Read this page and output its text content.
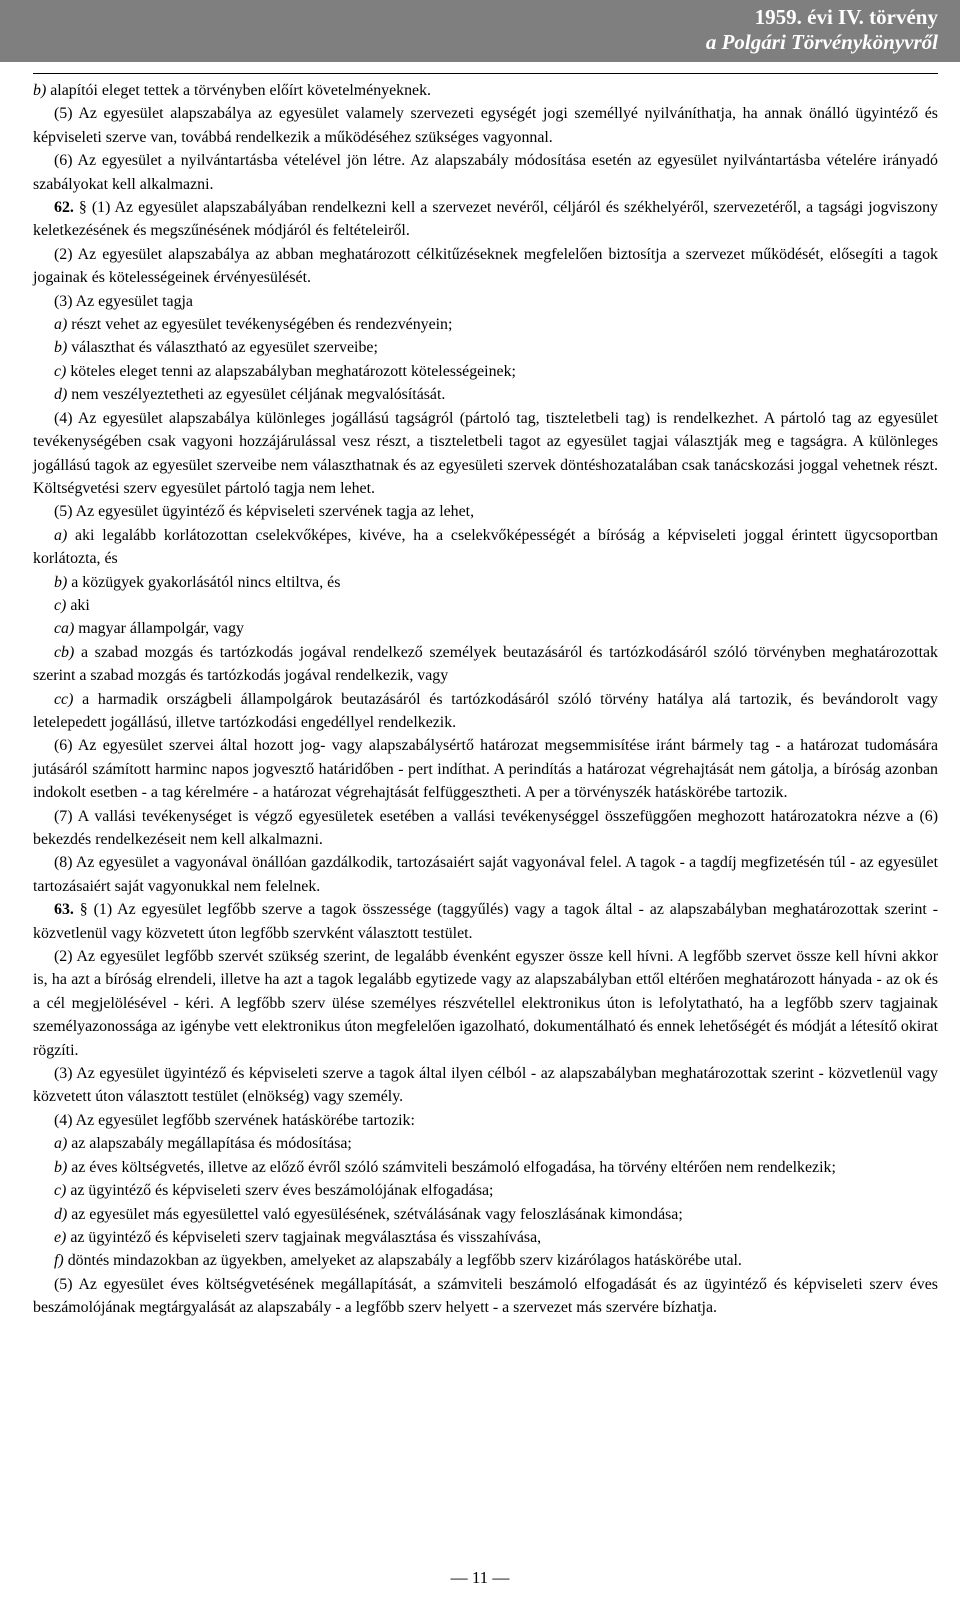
1959. évi IV. törvény
a Polgári Törvénykönyvről

b) alapítói eleget tettek a törvényben előírt követelményeknek.

(5) Az egyesület alapszabálya az egyesület valamely szervezeti egységét jogi személlyé nyilváníthatja, ha annak önálló ügyintéző és képviseleti szerve van, továbbá rendelkezik a működéséhez szükséges vagyonnal.

(6) Az egyesület a nyilvántartásba vételével jön létre. Az alapszabály módosítása esetén az egyesület nyilvántartásba vételére irányadó szabályokat kell alkalmazni.

62. § (1) Az egyesület alapszabályában rendelkezni kell a szervezet nevéről, céljáról és székhelyéről, szervezetéről, a tagsági jogviszony keletkezésének és megszűnésének módjáról és feltételeiről.

(2) Az egyesület alapszabálya az abban meghatározott célkitűzéseknek megfelelően biztosítja a szervezet működését, elősegíti a tagok jogainak és kötelességeinek érvényesülését.

(3) Az egyesület tagja

a) részt vehet az egyesület tevékenységében és rendezvényein;

b) választhat és választható az egyesület szerveibe;

c) köteles eleget tenni az alapszabályban meghatározott kötelességeinek;

d) nem veszélyeztetheti az egyesület céljának megvalósítását.

(4) Az egyesület alapszabálya különleges jogállású tagságról (pártoló tag, tiszteletbeli tag) is rendelkezhet. A pártoló tag az egyesület tevékenységében csak vagyoni hozzájárulással vesz részt, a tiszteletbeli tagot az egyesület tagjai választják meg e tagságra. A különleges jogállású tagok az egyesület szerveibe nem választhatnak és az egyesületi szervek döntéshozatalában csak tanácskozási joggal vehetnek részt. Költségvetési szerv egyesület pártoló tagja nem lehet.

(5) Az egyesület ügyintéző és képviseleti szervének tagja az lehet,

a) aki legalább korlátozottan cselekvőképes, kivéve, ha a cselekvőképességét a bíróság a képviseleti joggal érintett ügycsoportban korlátozta, és

b) a közügyek gyakorlásától nincs eltiltva, és

c) aki

ca) magyar állampolgár, vagy

cb) a szabad mozgás és tartózkodás jogával rendelkező személyek beutazásáról és tartózkodásáról szóló törvényben meghatározottak szerint a szabad mozgás és tartózkodás jogával rendelkezik, vagy

cc) a harmadik országbeli állampolgárok beutazásáról és tartózkodásáról szóló törvény hatálya alá tartozik, és bevándorolt vagy letelepedett jogállású, illetve tartózkodási engedéllyel rendelkezik.

(6) Az egyesület szervei által hozott jog- vagy alapszabálysértő határozat megsemmisítése iránt bármely tag - a határozat tudomására jutásáról számított harminc napos jogvesztő határidőben - pert indíthat. A perindítás a határozat végrehajtását nem gátolja, a bíróság azonban indokolt esetben - a tag kérelmére - a határozat végrehajtását felfüggesztheti. A per a törvényszék hatáskörébe tartozik.

(7) A vallási tevékenységet is végző egyesületek esetében a vallási tevékenységgel összefüggően meghozott határozatokra nézve a (6) bekezdés rendelkezéseit nem kell alkalmazni.

(8) Az egyesület a vagyonával önállóan gazdálkodik, tartozásaiért saját vagyonával felel. A tagok - a tagdíj megfizetésén túl - az egyesület tartozásaiért saját vagyonukkal nem felelnek.

63. § (1) Az egyesület legfőbb szerve a tagok összessége (taggyűlés) vagy a tagok által - az alapszabályban meghatározottak szerint - közvetlenül vagy közvetett úton legfőbb szervként választott testület.

(2) Az egyesület legfőbb szervét szükség szerint, de legalább évenként egyszer össze kell hívni. A legfőbb szervet össze kell hívni akkor is, ha azt a bíróság elrendeli, illetve ha azt a tagok legalább egytizede vagy az alapszabályban ettől eltérően meghatározott hányada - az ok és a cél megjelölésével - kéri. A legfőbb szerv ülése személyes részvétellel elektronikus úton is lefolytatható, ha a legfőbb szerv tagjainak személyazonossága az igénybe vett elektronikus úton megfelelően igazolható, dokumentálható és ennek lehetőségét és módját a létesítő okirat rögzíti.

(3) Az egyesület ügyintéző és képviseleti szerve a tagok által ilyen célból - az alapszabályban meghatározottak szerint - közvetlenül vagy közvetett úton választott testület (elnökség) vagy személy.

(4) Az egyesület legfőbb szervének hatáskörébe tartozik:

a) az alapszabály megállapítása és módosítása;

b) az éves költségvetés, illetve az előző évről szóló számviteli beszámoló elfogadása, ha törvény eltérően nem rendelkezik;

c) az ügyintéző és képviseleti szerv éves beszámolójának elfogadása;

d) az egyesület más egyesülettel való egyesülésének, szétválásának vagy feloszlásának kimondása;

e) az ügyintéző és képviseleti szerv tagjainak megválasztása és visszahívása,

f) döntés mindazokban az ügyekben, amelyeket az alapszabály a legfőbb szerv kizárólagos hatáskörébe utal.

(5) Az egyesület éves költségvetésének megállapítását, a számviteli beszámoló elfogadását és az ügyintéző és képviseleti szerv éves beszámolójának megtárgyalását az alapszabály - a legfőbb szerv helyett - a szervezet más szervére bízhatja.

— 11 —
